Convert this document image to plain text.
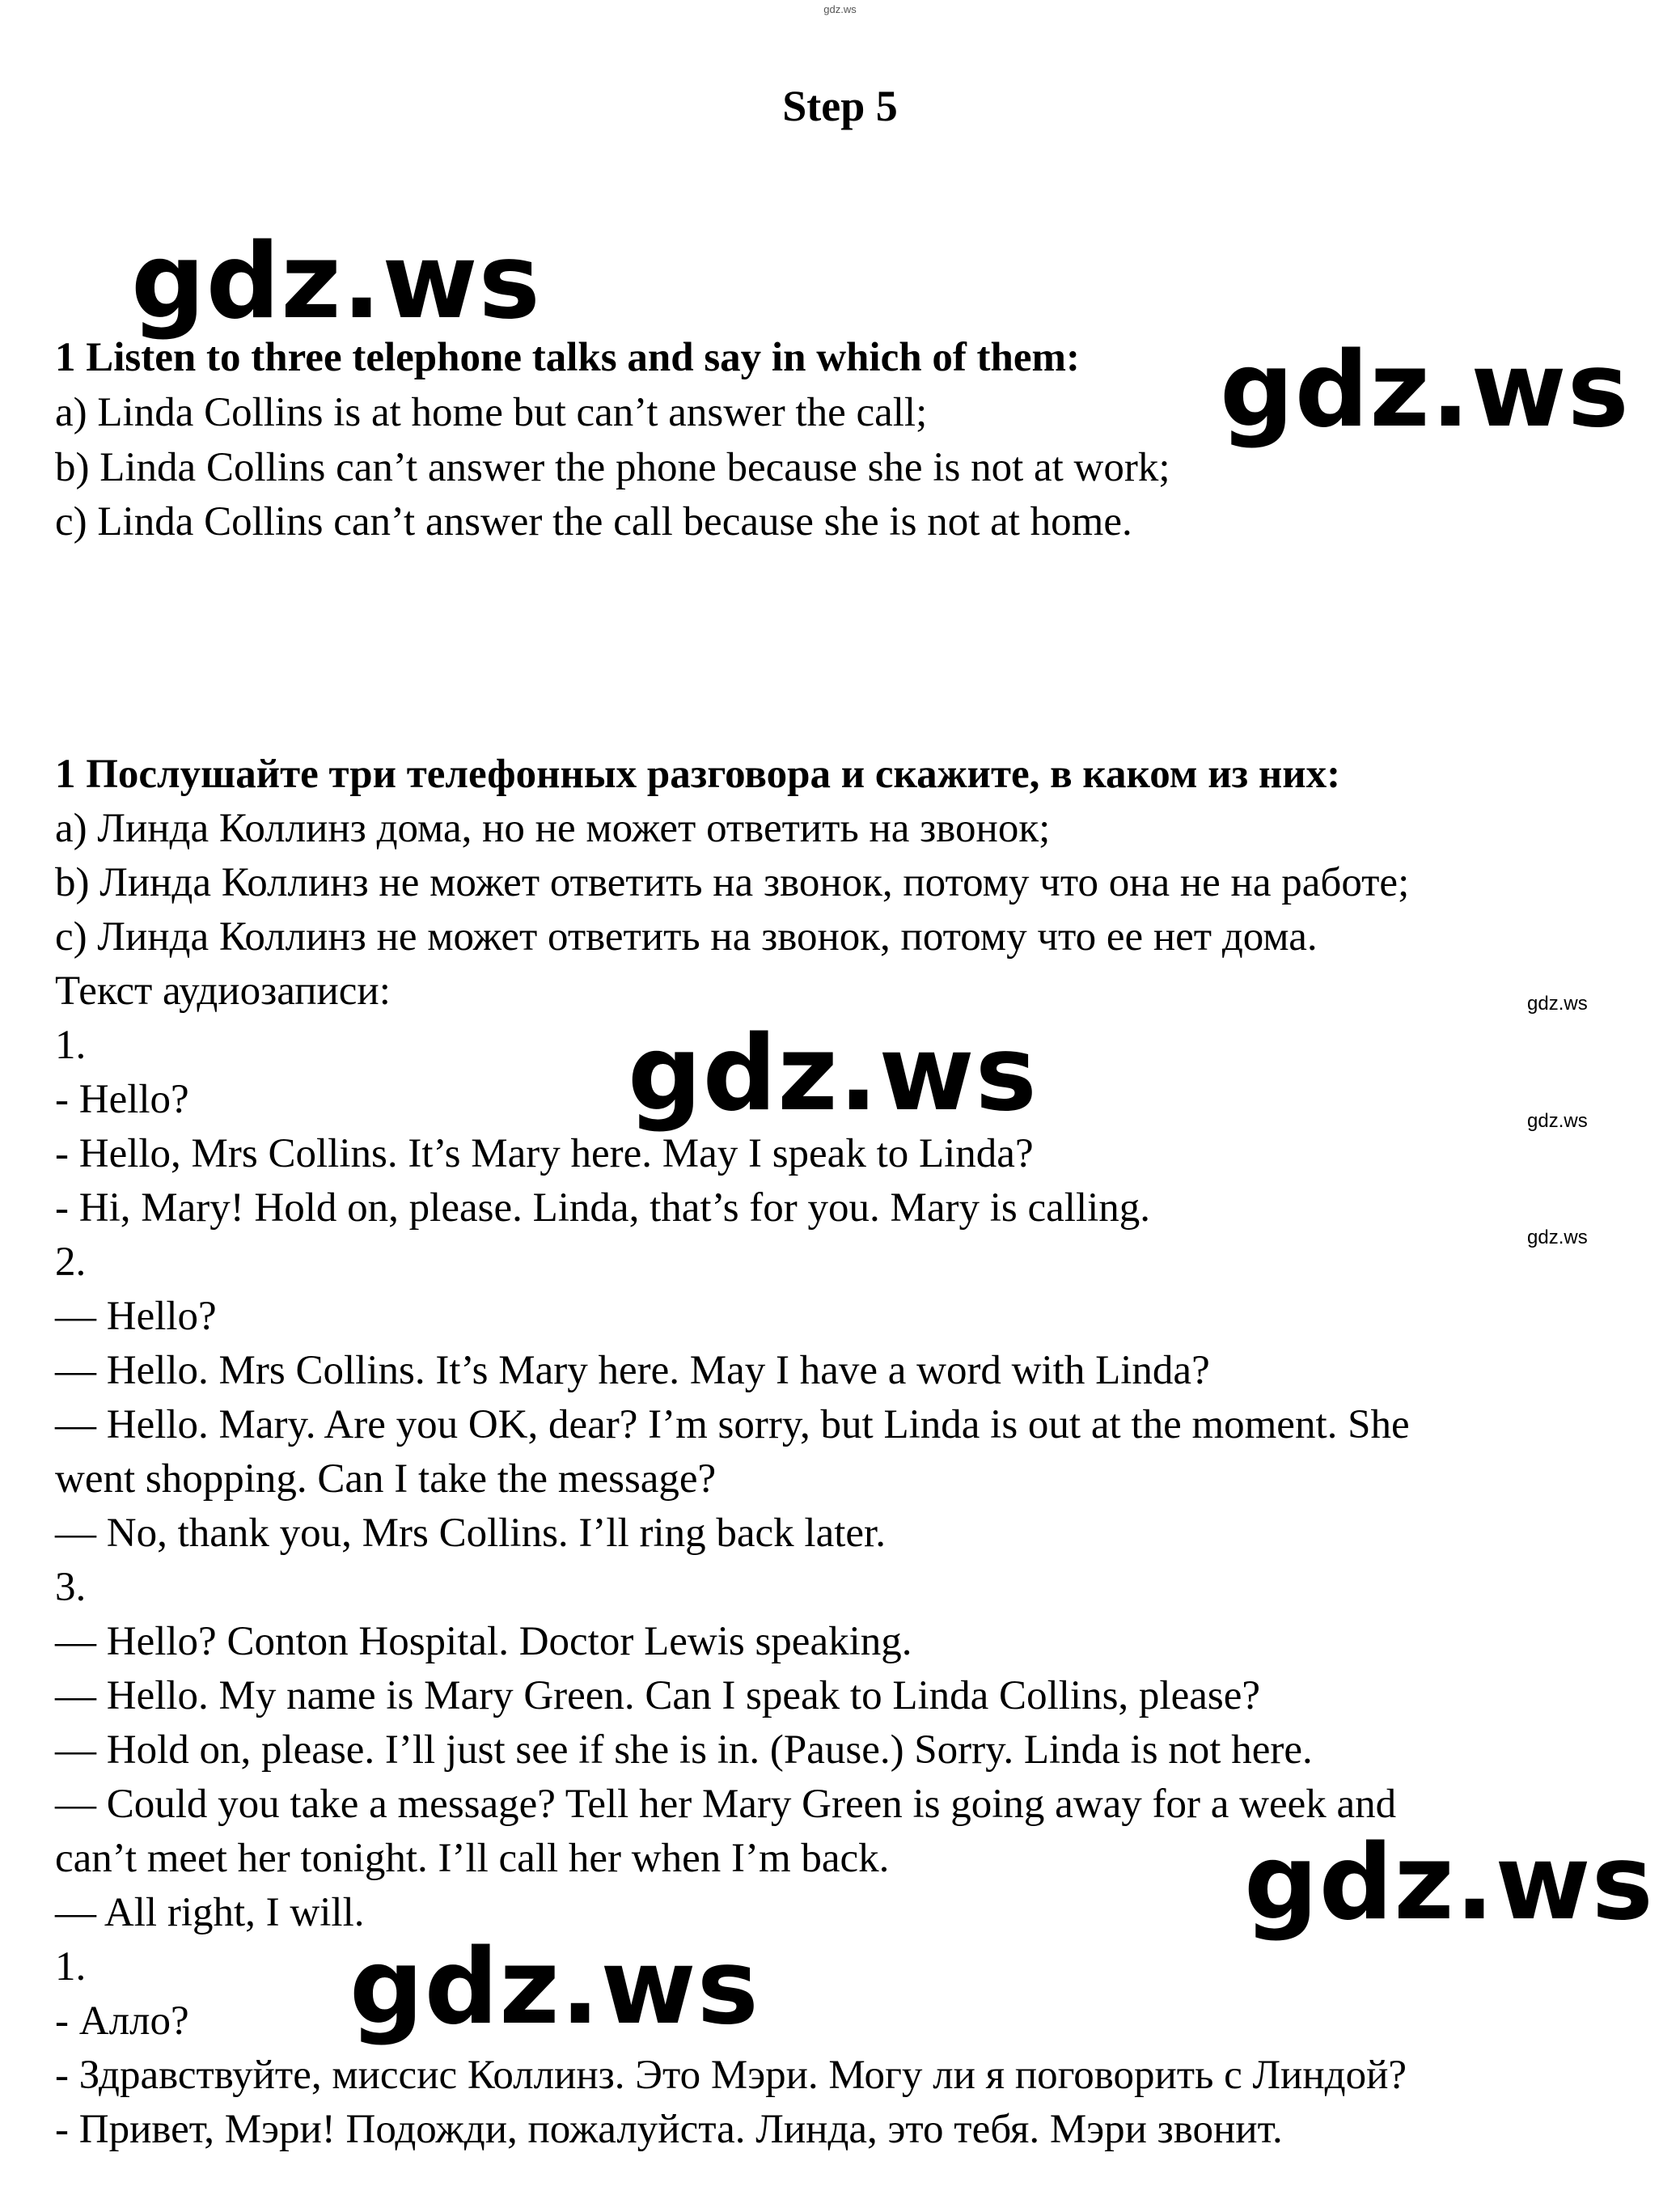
gdz.ws
Step 5
1 Listen to three telephone talks and say in which of them:
a) Linda Collins is at home but can’t answer the call;
b) Linda Collins can’t answer the phone because she is not at work;
c) Linda Collins can’t answer the call because she is not at home.
1 Послушайте три телефонных разговора и скажите, в каком из них:
a) Линда Коллинз дома, но не может ответить на звонок;
b) Линда Коллинз не может ответить на звонок, потому что она не на работе;
c) Линда Коллинз не может ответить на звонок, потому что ее нет дома.
Текст аудиозаписи:
1.
- Hello?
- Hello, Mrs Collins. It’s Mary here. May I speak to Linda?
- Hi, Mary! Hold on, please. Linda, that’s for you. Mary is calling.
2.
— Hello?
— Hello. Mrs Collins. It’s Mary here. May I have a word with Linda?
— Hello. Mary. Are you OK, dear? I’m sorry, but Linda is out at the moment. She
went shopping. Can I take the message?
— No, thank you, Mrs Collins. I’ll ring back later.
3.
— Hello? Conton Hospital. Doctor Lewis speaking.
— Hello. My name is Mary Green. Can I speak to Linda Collins, please?
— Hold on, please. I’ll just see if she is in. (Pause.) Sorry. Linda is not here.
— Could you take a message? Tell her Mary Green is going away for a week and
can’t meet her tonight. I’ll call her when I’m back.
— All right, I will.
1.
- Алло?
- Здравствуйте, миссис Коллинз. Это Мэри. Могу ли я поговорить с Линдой?
- Привет, Мэри! Подожди, пожалуйста. Линда, это тебя. Мэри звонит.
gdz.ws
gdz.ws
gdz.ws
gdz.ws
gdz.ws
gdz.ws
gdz.ws
gdz.ws
